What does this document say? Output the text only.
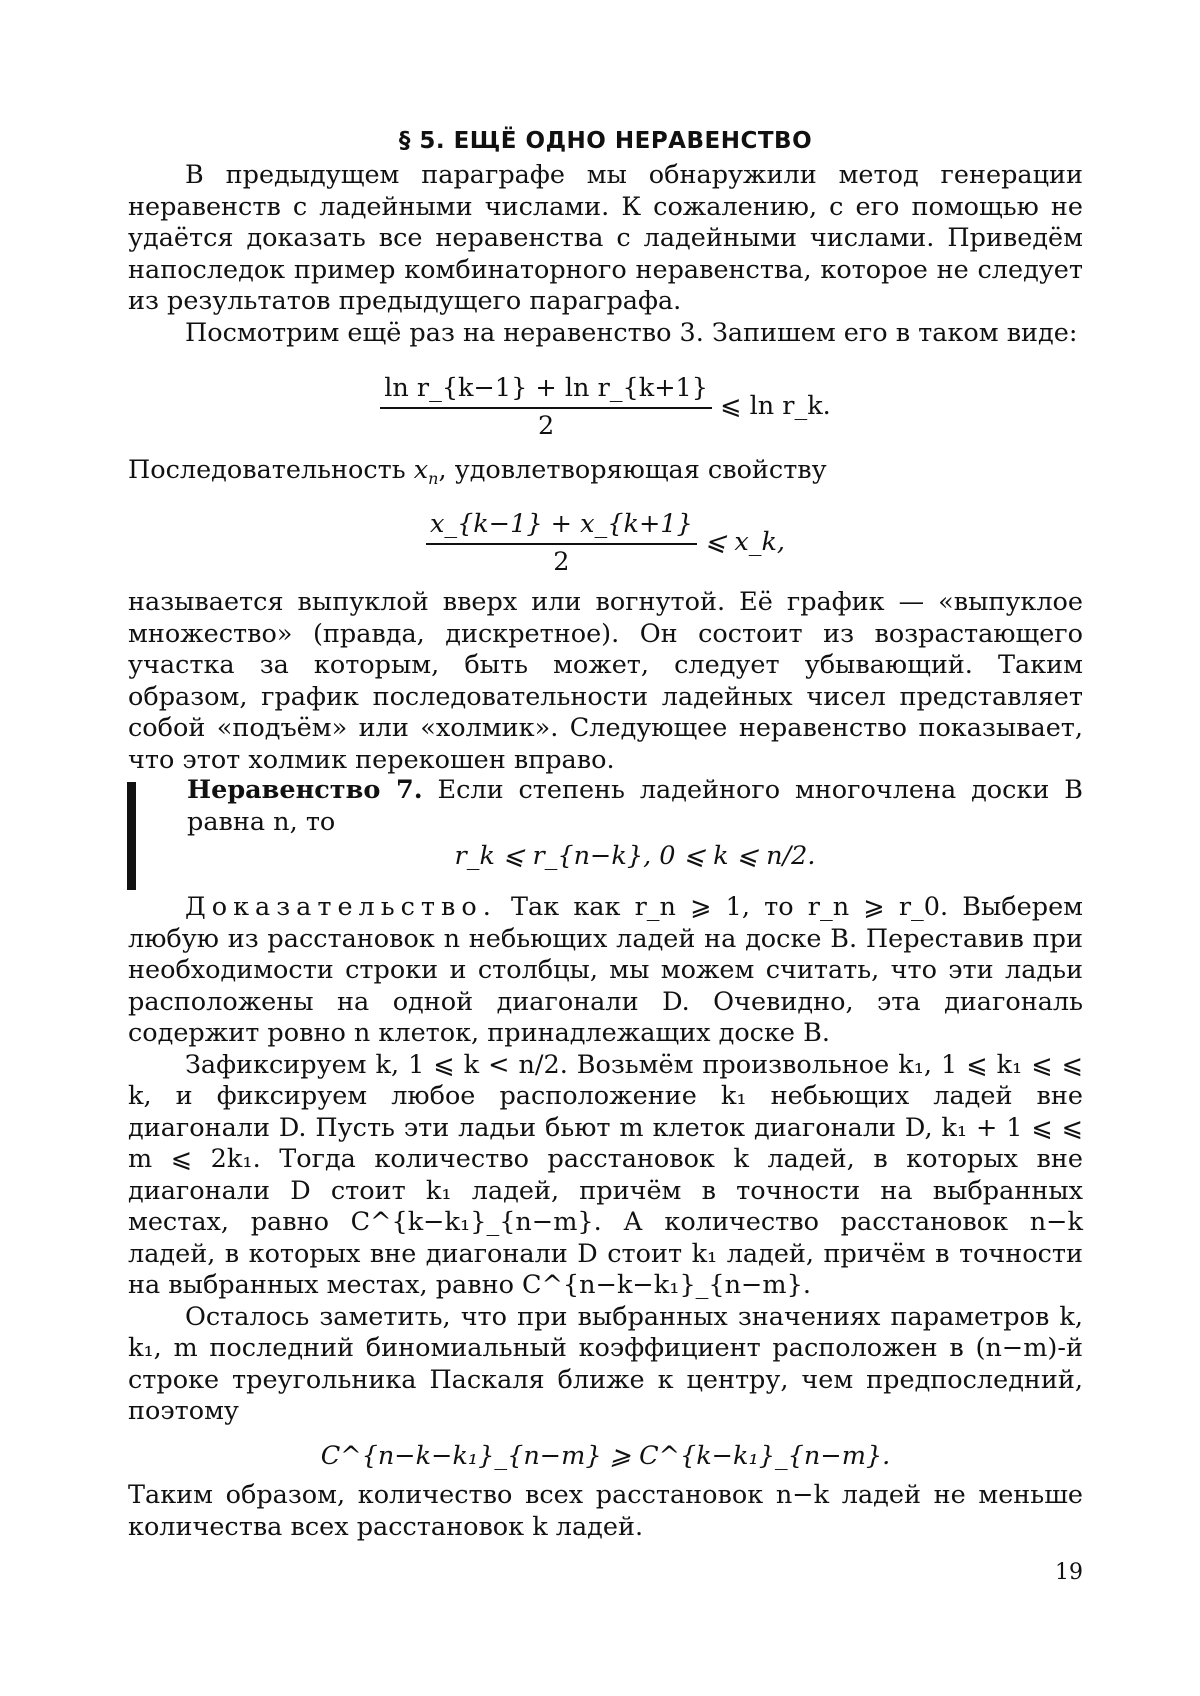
§ 5. ЕЩЁ ОДНО НЕРАВЕНСТВО

В предыдущем параграфе мы обнаружили метод генерации неравенств с ладейными числами. К сожалению, с его помощью не удаётся доказать все неравенства с ладейными числами. Приведём напоследок пример комбинаторного неравенства, которое не следует из результатов предыдущего параграфа.

Посмотрим ещё раз на неравенство 3. Запишем его в таком виде:

$\frac{\text{ln r\_\{k−1\} + ln r\_\{k+1\}}}{2}$ ⩽ ln r_k.

Последовательность $x_n$, удовлетворяющая свойству

$\frac{x\_\{k-1\} + x\_\{k+1\}}{2}$ ⩽ x_k,

называется выпуклой вверх или вогнутой. Её график — «выпуклое множество» (правда, дискретное). Он состоит из возрастающего участка за которым, быть может, следует убывающий. Таким образом, график последовательности ладейных чисел представляет собой «подъём» или «холмик». Следующее неравенство показывает, что этот холмик перекошен вправо.

Неравенство 7. Если степень ладейного многочлена доски B равна n, то

r_k ⩽ r_{n−k}, 0 ⩽ k ⩽ n/2.

Доказательство. Так как r_n ⩾ 1, то r_n ⩾ r_0. Выберем любую из расстановок n небьющих ладей на доске B. Переставив при необходимости строки и столбцы, мы можем считать, что эти ладьи расположены на одной диагонали D. Очевидно, эта диагональ содержит ровно n клеток, принадлежащих доске B.

Зафиксируем k, 1 ⩽ k < n/2. Возьмём произвольное k₁, 1 ⩽ k₁ ⩽ ⩽ k, и фиксируем любое расположение k₁ небьющих ладей вне диагонали D. Пусть эти ладьи бьют m клеток диагонали D, k₁ + 1 ⩽ ⩽ m ⩽ 2k₁. Тогда количество расстановок k ладей, в которых вне диагонали D стоит k₁ ладей, причём в точности на выбранных местах, равно C^{k−k₁}_{n−m}. А количество расстановок n−k ладей, в которых вне диагонали D стоит k₁ ладей, причём в точности на выбранных местах, равно C^{n−k−k₁}_{n−m}.

Осталось заметить, что при выбранных значениях параметров k, k₁, m последний биномиальный коэффициент расположен в (n−m)-й строке треугольника Паскаля ближе к центру, чем предпоследний, поэтому

C^{n−k−k₁}_{n−m} ⩾ C^{k−k₁}_{n−m}.

Таким образом, количество всех расстановок n−k ладей не меньше количества всех расстановок k ладей.

19
